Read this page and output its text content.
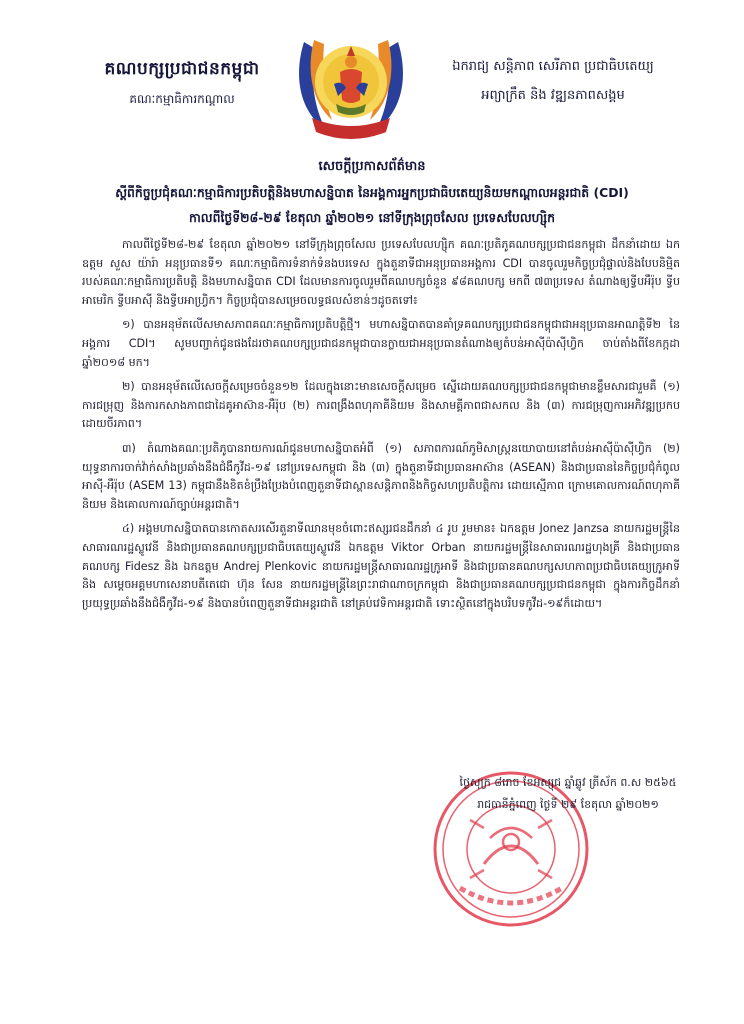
គណបក្សប្រជាជនកម្ពុជា
គណៈកម្មាធិការកណ្តាល
ឯករាជ្យ សន្តិភាព សេរីភាព ប្រជាធិបតេយ្យ
អព្យាក្រឹត និង វឌ្ឍនភាពសង្គម
សេចក្តីប្រកាសព័ត៌មាន
ស្តីពីកិច្ចប្រជុំគណៈកម្មាធិការប្រតិបត្តិនិងមហាសន្និបាត នៃអង្គការអ្នកប្រជាធិបតេយ្យនិយមកណ្តាលអន្តរជាតិ (CDI)
កាលពីថ្ងៃទី២៨-២៩ ខែតុលា ឆ្នាំ២០២១ នៅទីក្រុងព្រុចសែល ប្រទេសបែលហ្ស៊ិក

កាលពីថ្ងៃទី២៨-២៩ ខែតុលា ឆ្នាំ២០២១ នៅទីក្រុងព្រុចសែល ប្រទេសបែលហ្ស៊ិក គណៈប្រតិភូគណបក្សប្រជាជនកម្ពុជា ដឹកនាំដោយ ឯកឧត្តម សួស យ៉ារ៉ា អនុប្រធានទី១ គណៈកម្មាធិការទំនាក់ទំនងបរទេស ក្នុងតួនាទីជាអនុប្រធានអង្គការ CDI បានចូលរួមកិច្ចប្រជុំផ្ទាល់និងបែបនិម្មិត របស់គណៈកម្មាធិការប្រតិបត្តិ និងមហាសន្និបាត CDI ដែលមានការចូលរួមពីគណបក្សចំនួន ៩៨គណបក្ស មកពី ៧៣ប្រទេស តំណាងឲ្យទ្វីបអឺរ៉ុប ទ្វីបអាមេរិក ទ្វីបអាស៊ី និងទ្វីបអាហ្វ្រិក។ កិច្ចប្រជុំបានសម្រេចលទ្ធផលសំខាន់ៗដូចតទៅ៖

១) បានអនុម័តលើសមាសភាពគណៈកម្មាធិការប្រតិបត្តិថ្មី។ មហាសន្និបាតបានគាំទ្រគណបក្សប្រជាជនកម្ពុជាជាអនុប្រធានអាណត្តិទី២ នៃអង្គការ CDI។ សូមបញ្ជាក់ជូនផងដែរថាគណបក្សប្រជាជនកម្ពុជាបានក្លាយជាអនុប្រធានតំណាងឲ្យតំបន់អាស៊ីប៉ាស៊ីហ្វិក ចាប់តាំងពីខែកក្កដា ឆ្នាំ២០១៨ មក។

២) បានអនុម័តលើសេចក្តីសម្រេចចំនួន១២ ដែលក្នុងនោះមានសេចក្តីសម្រេច ស្នើដោយគណបក្សប្រជាជនកម្ពុជាមានខ្លឹមសារជារួមគឺ (១) ការជម្រុញ និងការកសាងភាពជាដៃគូអាស៊ាន-អឺរ៉ុប (២) ការពង្រឹងពហុភាគីនិយម និងសាមគ្គីភាពជាសកល និង (៣) ការជម្រុញការអភិវឌ្ឍប្រកបដោយចីរភាព។

៣) តំណាងគណៈប្រតិភូបានរាយការណ៍ជូនមហាសន្និបាតអំពី (១) សភាពការណ៍ភូមិសាស្ត្រនយោបាយនៅតំបន់អាស៊ីប៉ាស៊ីហ្វិក (២) យុទ្ធនាការចាក់វ៉ាក់សាំងប្រឆាំងនឹងជំងឺកូវីដ-១៩ នៅប្រទេសកម្ពុជា និង (៣) ក្នុងតួនាទីជាប្រធានអាស៊ាន (ASEAN) និងជាប្រធាននៃកិច្ចប្រជុំកំពូលអាស៊ី-អឺរ៉ុប (ASEM 13) កម្ពុជានឹងខិតខំប្រឹងប្រែងបំពេញតួនាទីជាស្ពានសន្តិភាពនិងកិច្ចសហប្រតិបត្តិការ ដោយស្មើភាព ក្រោមគោលការណ៍ពហុភាគីនិយម និងគោលការណ៍ច្បាប់អន្តរជាតិ។

៤) អង្គមហាសន្និបាតបានកោតសរសើរតួនាទីឈានមុខចំពោះឥស្សរជនដឹកនាំ ៤ រូប រួមមាន៖ ឯកឧត្តម Jonez Janzsa នាយករដ្ឋមន្ត្រីនៃសាធារណរដ្ឋស្លូវេនី និងជាប្រធានគណបក្សប្រជាធិបតេយ្យស្លូវេនី ឯកឧត្តម Viktor Orban នាយករដ្ឋមន្ត្រីនៃសាធារណរដ្ឋហុងគ្រី និងជាប្រធានគណបក្ស Fidesz និង ឯកឧត្តម Andrej Plenkovic នាយករដ្ឋមន្ត្រីសាធារណរដ្ឋក្រូអាទី និងជាប្រធានគណបក្សសហភាពប្រជាធិបតេយ្យក្រូអាទី និង សម្តេចអគ្គមហាសេនាបតីតេជោ ហ៊ុន សែន នាយករដ្ឋមន្ត្រីនៃព្រះរាជាណាចក្រកម្ពុជា និងជាប្រធានគណបក្សប្រជាជនកម្ពុជា ក្នុងការកិច្ចដឹកនាំប្រយុទ្ធប្រឆាំងនឹងជំងឺកូវីដ-១៩ និងបានបំពេញតួនាទីជាអន្តរជាតិ នៅគ្រប់វេទិកាអន្តរជាតិ ទោះស្ថិតនៅក្នុងបរិបទកូវីដ-១៩ក៏ដោយ។

ថ្ងៃសុក្រ ៨រោច ខែអស្សុជ ឆ្នាំឆ្លូវ ត្រីស័ក ព.ស ២៥៦៥
រាជធានីភ្នំពេញ ថ្ងៃទី ២៩ ខែតុលា ឆ្នាំ២០២១
